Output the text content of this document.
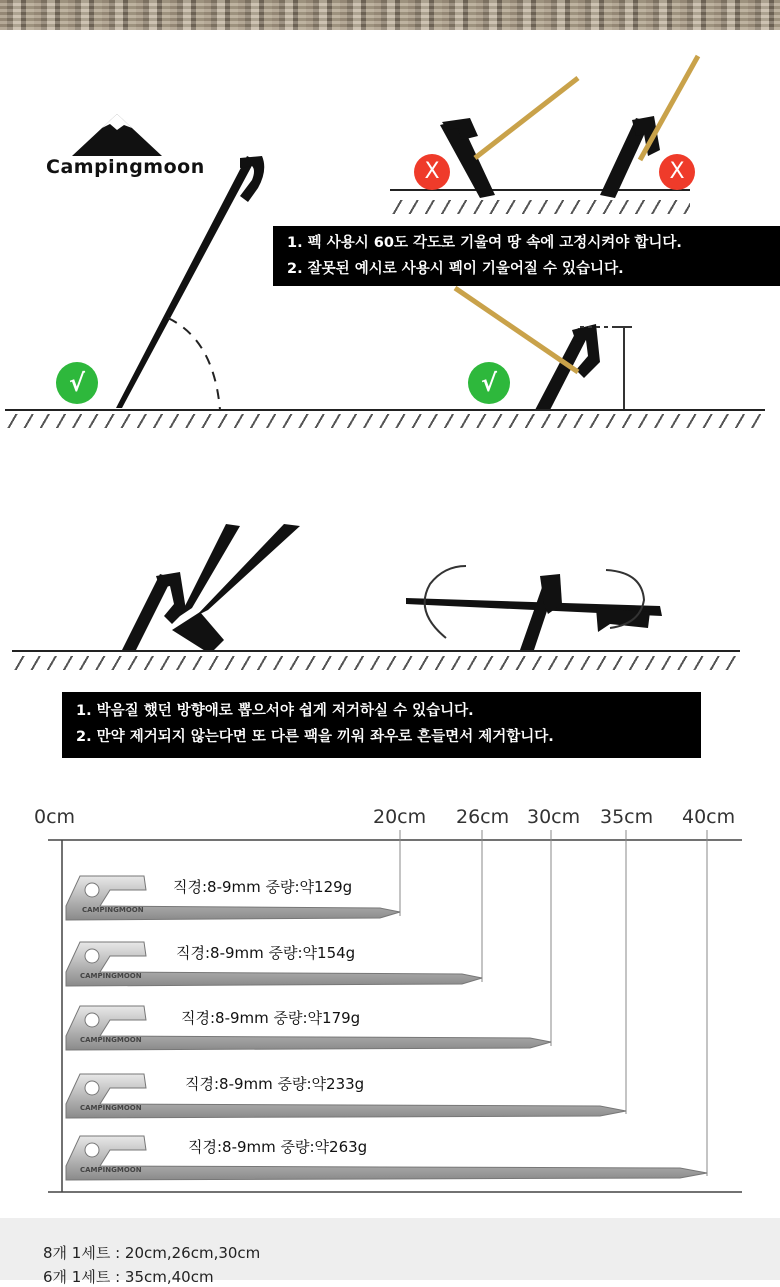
Campingmoon	X	X
√	√
1. 펙 사용시 60도 각도로 기울여 땅 속에 고정시켜야 합니다.
2. 잘못된 예시로 사용시 펙이 기울어질 수 있습니다.
1. 박음질 했던 방향애로 뽑으서야 쉽게 저거하실 수 있습니다.
2. 만약 제거되지 않는다면 또 다른 팩을 끼워 좌우로 흔들면서 제거합니다.
0cm	20cm 26cm 30cm 35cm 40cm
CAMPINGMOON
CAMPINGMOON
CAMPINGMOON
CAMPINGMOON
CAMPINGMOON
직경:8-9mm 중량:약129g
직경:8-9mm 중량:약154g
직경:8-9mm 중량:약179g
직경:8-9mm 중량:약233g
직경:8-9mm 중량:약263g
8개 1세트 : 20cm,26cm,30cm
6개 1세트 : 35cm,40cm
